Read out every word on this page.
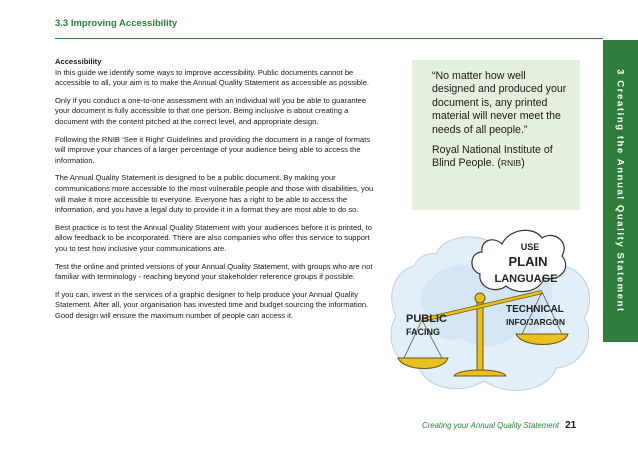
3.3 Improving Accessibility
3 Creating the Annual Quality Statement

Accessibility

In this guide we identify some ways to improve accessibility. Public documents cannot be accessible to all, your aim is to make the Annual Quality Statement as accessible as possible.

Only if you conduct a one-to-one assessment with an individual will you be able to guarantee your document is fully accessible to that one person. Being inclusive is about creating a document with the content pitched at the correct level, and appropriate design.

Following the RNIB ‘See it Right’ Guidelines and providing the document in a range of formats will improve your chances of a larger percentage of your audience being able to access the information.

The Annual Quality Statement is designed to be a public document. By making your communications more accessible to the most vulnerable people and those with disabilities, you will make it more accessible to everyone. Everyone has a right to be able to access the information, and you have a legal duty to provide it in a format they are most able to do so.

Best practice is to test the Annual Quality Statement with your audiences before it is printed, to allow feedback to be incorporated. There are also companies who offer this service to support you to test how inclusive your communications are.

Test the online and printed versions of your Annual Quality Statement, with groups who are not familiar with terminology - reaching beyond your stakeholder reference groups if possible.

If you can, invest in the services of a graphic designer to help produce your Annual Quality Statement. After all, your organisation has invested time and budget sourcing the information. Good design will ensure the maximum number of people can access it.

“No matter how well designed and produced your document is, any printed material will never meet the needs of all people.”

Royal National Institute of Blind People. (RNIB)

USE
PLAIN
LANGUAGE
PUBLIC
FACING
TECHNICAL
INFO/JARGON
Creating your Annual Quality Statement 21
